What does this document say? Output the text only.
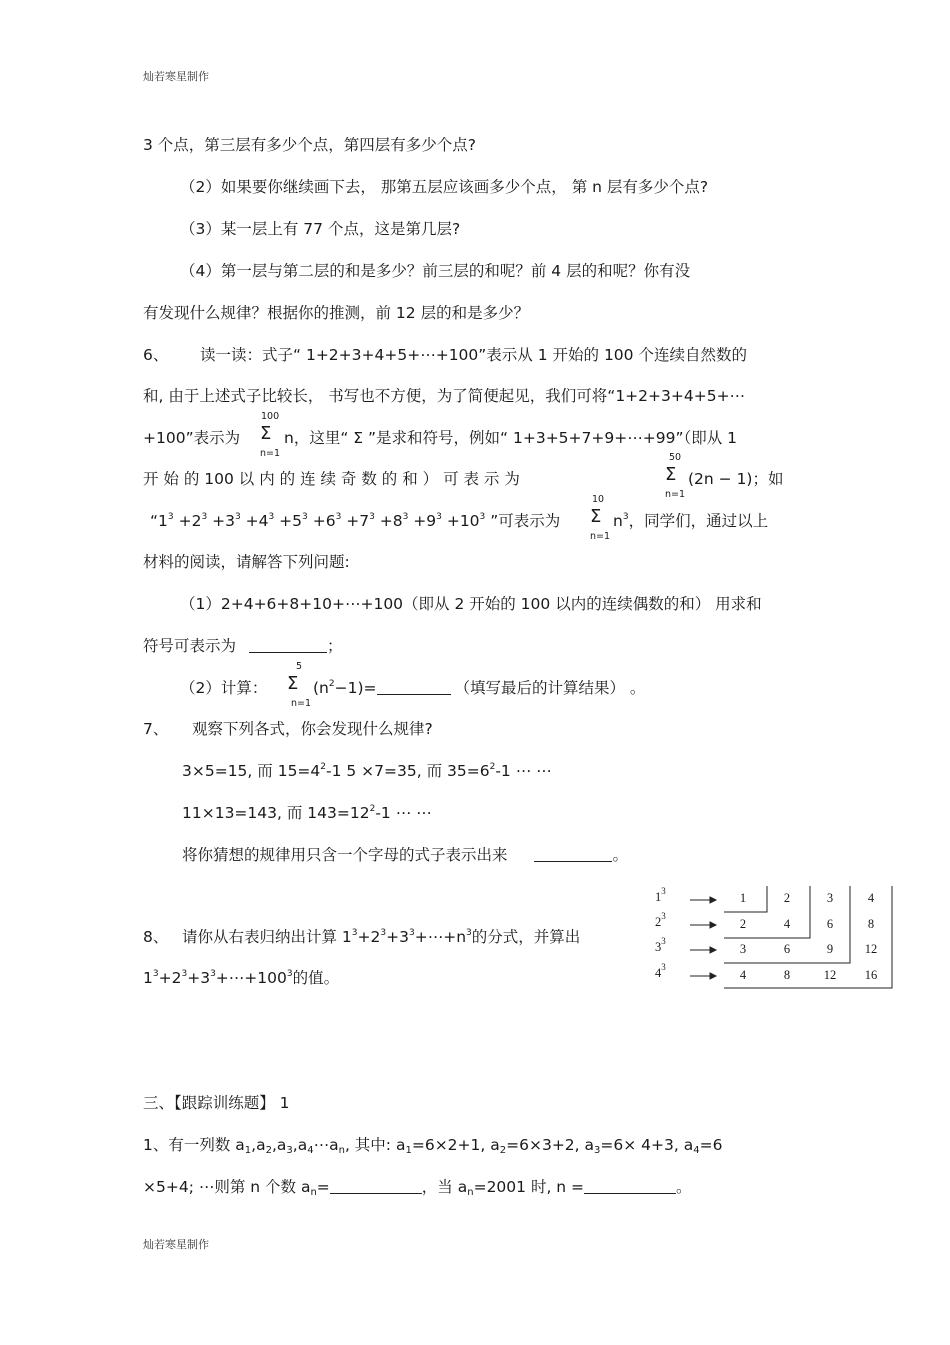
灿若寒星制作
灿若寒星制作
3 个点，第三层有多少个点，第四层有多少个点?
（2）如果要你继续画下去， 那第五层应该画多少个点， 第 n 层有多少个点?
（3）某一层上有 77 个点，这是第几层?
（4）第一层与第二层的和是多少？前三层的和呢？前 4 层的和呢？你有没
有发现什么规律？根据你的推测，前 12 层的和是多少？
6、 读一读：式子“ 1+2+3+4+5+⋯+100”表示从 1 开始的 100 个连续自然数的
和, 由于上述式子比较长， 书写也不方便，为了简便起见，我们可将“1+2+3+4+5+⋯
+100”表示为
100
Σ
n=1
n，这里“ Σ ”是求和符号，例如“ 1+3+5+7+9+⋯+99”（即从 1
开 始 的 100 以 内 的 连 续 奇 数 的 和 ） 可 表 示 为
50
Σ
n=1
(2n − 1)；如
“$1^3 +2^3 +3^3 +4^3 +5^3 +6^3 +7^3 +8^3 +9^3 +10^3$ ”可表示为
10
Σ
n=1
$n^3$，同学们，通过以上
材料的阅读，请解答下列问题:
（1）2+4+6+8+10+⋯+100（即从 2 开始的 100 以内的连续偶数的和） 用求和
符号可表示为	；
（2）计算：
5
Σ
n=1
$(n^2-1)=$	（填写最后的计算结果） 。
7、 观察下列各式，你会发现什么规律?
3×5=15, 而 $15=4^2-1$ 5 ×7=35, 而 $35=6^2-1$ ⋯ ⋯
11×13=143, 而 $143=12^2-1$ ⋯ ⋯
将你猜想的规律用只含一个字母的式子表示出来	。
8、 请你从右表归纳出计算 $1^3+2^3+3^3+\cdots+n^3$的分式，并算出
$1^3+2^3+3^3+\cdots+100^3$的值。
$1^3$
$2^3$
$3^3$
$4^3$
1	2	3	4
2	4	6	8
3	6	9	12
4	8	12	16
三、【跟踪训练题】 1
1、有一列数 $a_1,a_2,a_3,a_4\cdots a_n$, 其中: $a_1=6\times 2+1$, $a_2=6\times 3+2$, $a_3=6\times 4+3$, $a_4=6$
×5+4; ⋯则第 n 个数 $a_n=$	，当 $a_n=2001$ 时, n =	。
